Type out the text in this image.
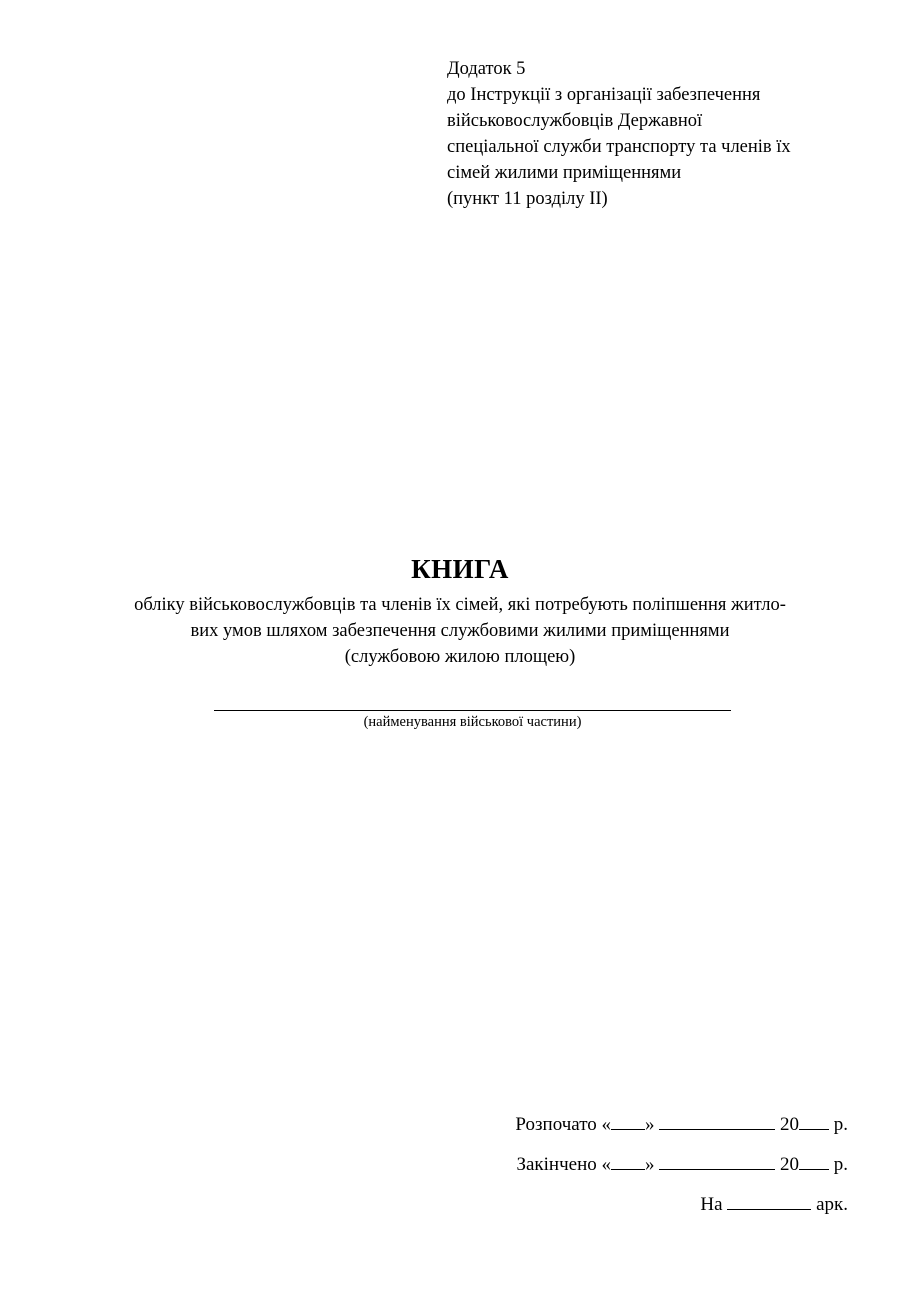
Додаток 5
до Інструкції з організації забезпечення
військовослужбовців Державної
спеціальної служби транспорту та членів їх
сімей жилими приміщеннями
(пункт 11 розділу ІІ)
КНИГА
обліку військовослужбовців та членів їх сімей, які потребують поліпшення житло-
вих умов шляхом забезпечення службовими жилими приміщеннями
(службовою жилою площею)
(найменування військової частини)
Розпочато « »	20 р.
Закінчено « »	20 р.
На	арк.
